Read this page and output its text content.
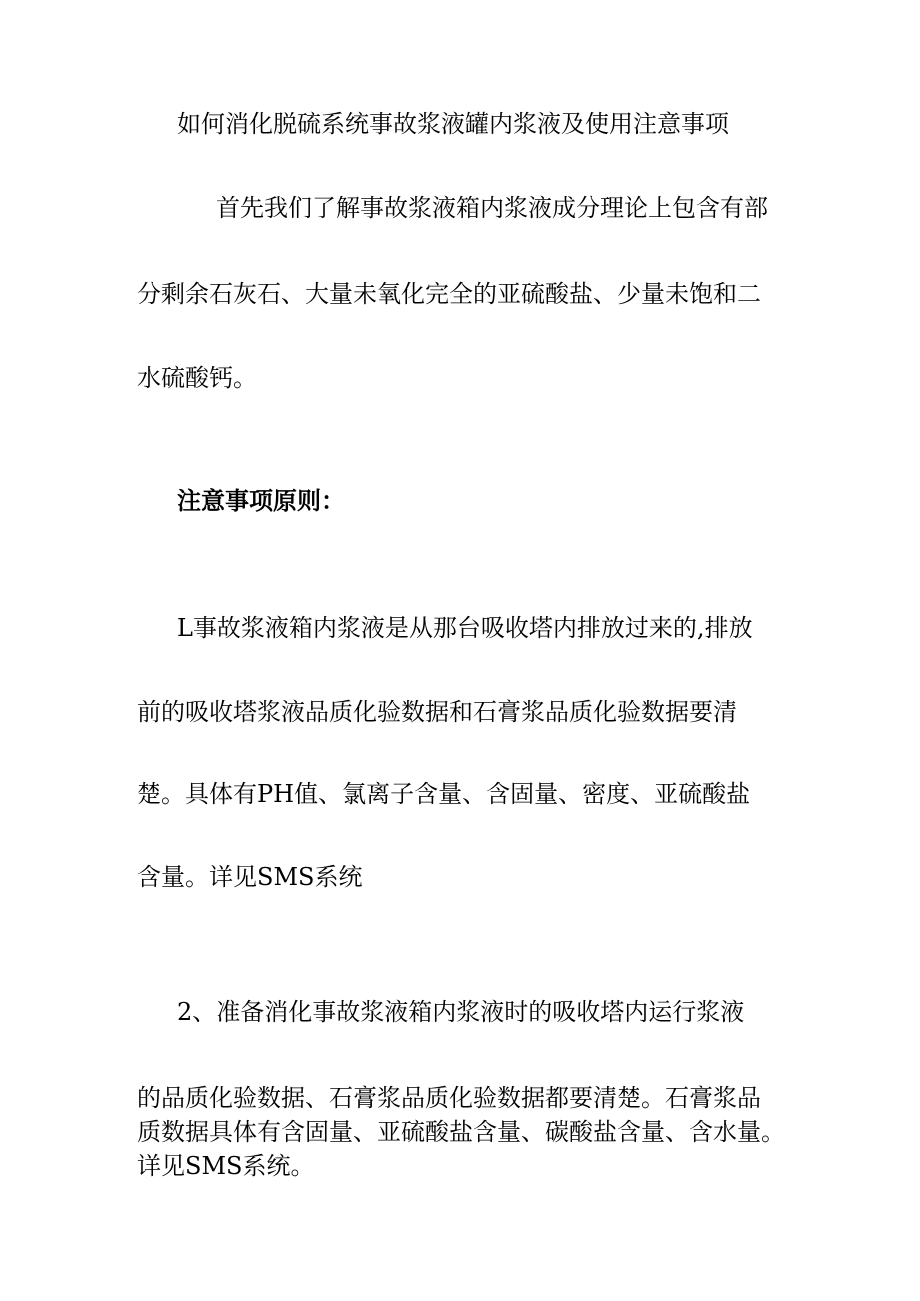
如何消化脱硫系统事故浆液罐内浆液及使用注意事项

首先我们了解事故浆液箱内浆液成分理论上包含有部

分剩余石灰石、大量未氧化完全的亚硫酸盐、少量未饱和二

水硫酸钙。

注意事项原则：

L事故浆液箱内浆液是从那台吸收塔内排放过来的,排放

前的吸收塔浆液品质化验数据和石膏浆品质化验数据要清

楚。具体有PH值、氯离子含量、含固量、密度、亚硫酸盐

含量。详见SMS系统

2、准备消化事故浆液箱内浆液时的吸收塔内运行浆液

的品质化验数据、石膏浆品质化验数据都要清楚。石膏浆品

质数据具体有含固量、亚硫酸盐含量、碳酸盐含量、含水量。

详见SMS系统。
